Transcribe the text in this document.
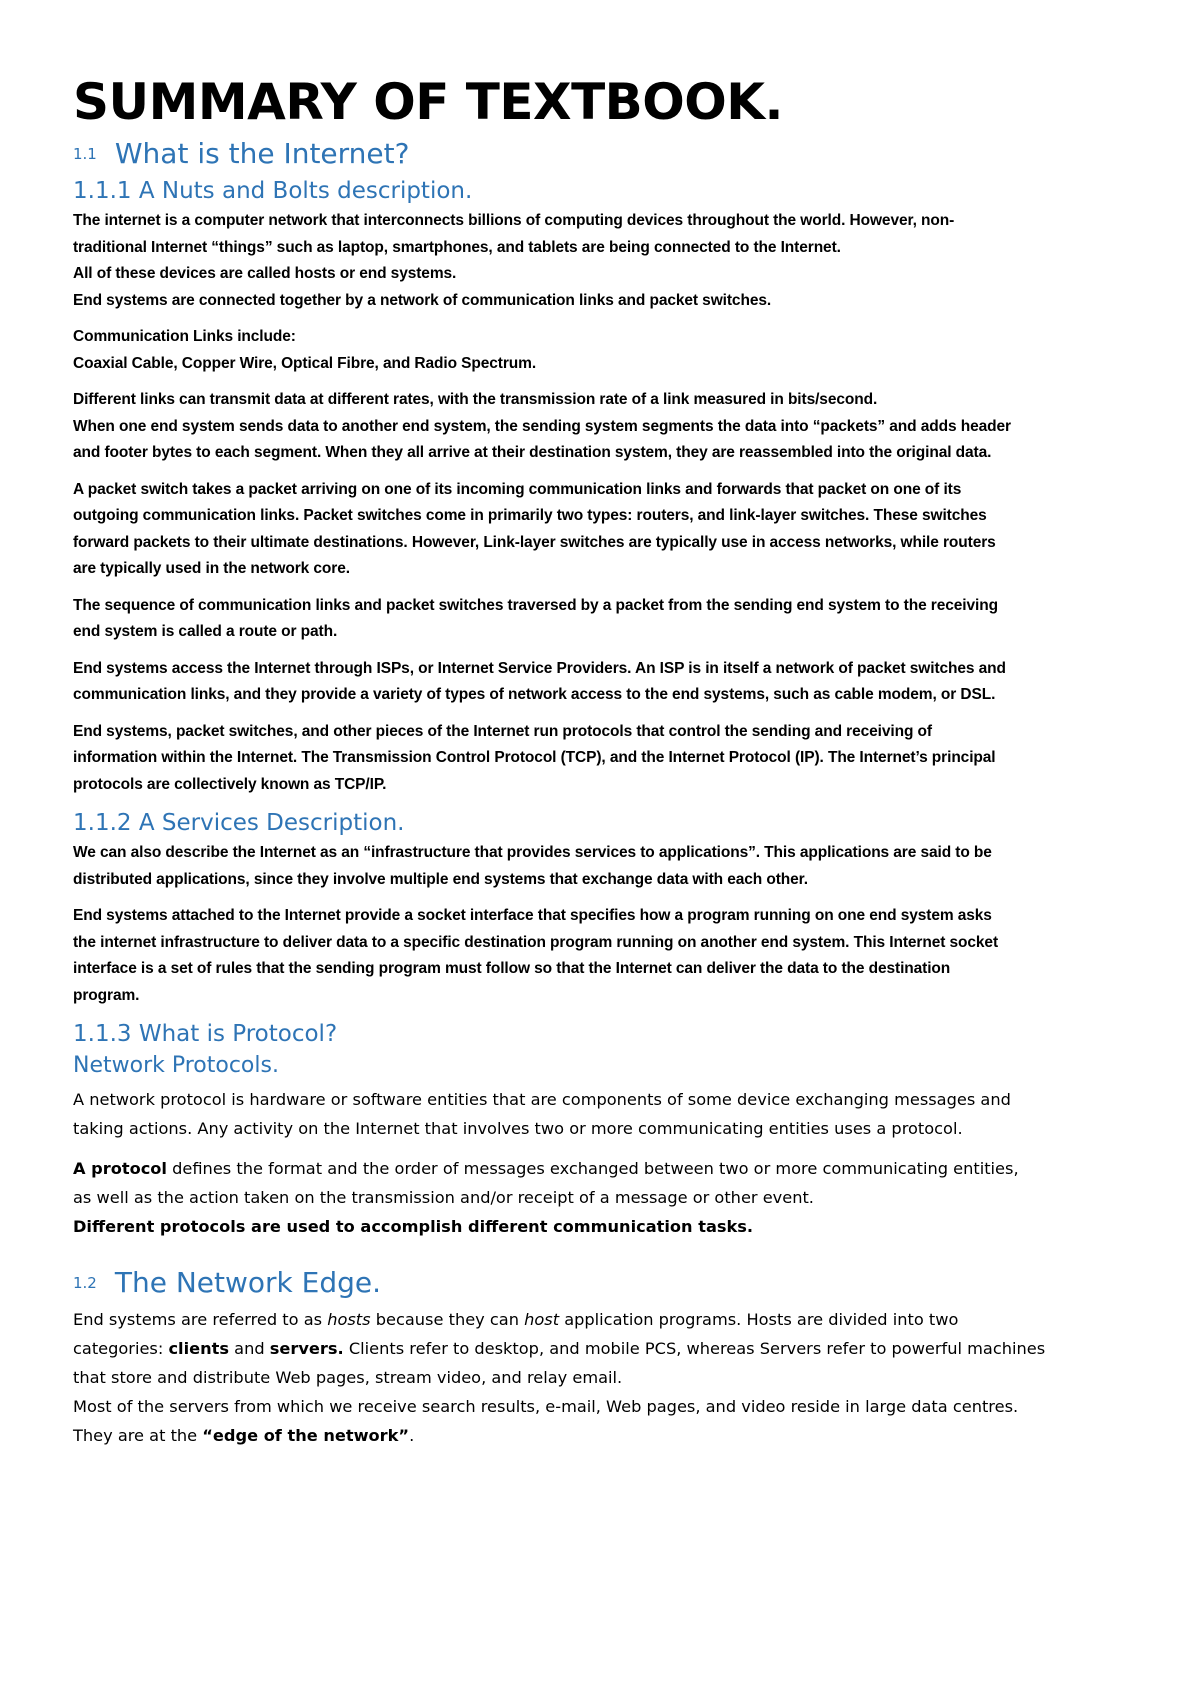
SUMMARY OF TEXTBOOK.
1.1 What is the Internet?
1.1.1 A Nuts and Bolts description.

The internet is a computer network that interconnects billions of computing devices throughout the world. However, non-
traditional Internet “things” such as laptop, smartphones, and tablets are being connected to the Internet.
All of these devices are called hosts or end systems.
End systems are connected together by a network of communication links and packet switches.

Communication Links include:
Coaxial Cable, Copper Wire, Optical Fibre, and Radio Spectrum.

Different links can transmit data at different rates, with the transmission rate of a link measured in bits/second.
When one end system sends data to another end system, the sending system segments the data into “packets” and adds header
and footer bytes to each segment. When they all arrive at their destination system, they are reassembled into the original data.

A packet switch takes a packet arriving on one of its incoming communication links and forwards that packet on one of its
outgoing communication links. Packet switches come in primarily two types: routers, and link-layer switches. These switches
forward packets to their ultimate destinations. However, Link-layer switches are typically use in access networks, while routers
are typically used in the network core.

The sequence of communication links and packet switches traversed by a packet from the sending end system to the receiving
end system is called a route or path.

End systems access the Internet through ISPs, or Internet Service Providers. An ISP is in itself a network of packet switches and
communication links, and they provide a variety of types of network access to the end systems, such as cable modem, or DSL.

End systems, packet switches, and other pieces of the Internet run protocols that control the sending and receiving of
information within the Internet. The Transmission Control Protocol (TCP), and the Internet Protocol (IP). The Internet’s principal
protocols are collectively known as TCP/IP.

1.1.2 A Services Description.

We can also describe the Internet as an “infrastructure that provides services to applications”. This applications are said to be
distributed applications, since they involve multiple end systems that exchange data with each other.

End systems attached to the Internet provide a socket interface that specifies how a program running on one end system asks
the internet infrastructure to deliver data to a specific destination program running on another end system. This Internet socket
interface is a set of rules that the sending program must follow so that the Internet can deliver the data to the destination
program.

1.1.3 What is Protocol?
Network Protocols.

A network protocol is hardware or software entities that are components of some device exchanging messages and
taking actions. Any activity on the Internet that involves two or more communicating entities uses a protocol.

A protocol defines the format and the order of messages exchanged between two or more communicating entities,
as well as the action taken on the transmission and/or receipt of a message or other event.
Different protocols are used to accomplish different communication tasks.

1.2 The Network Edge.

End systems are referred to as hosts because they can host application programs. Hosts are divided into two
categories: clients and servers. Clients refer to desktop, and mobile PCS, whereas Servers refer to powerful machines
that store and distribute Web pages, stream video, and relay email.
Most of the servers from which we receive search results, e-mail, Web pages, and video reside in large data centres.
They are at the “edge of the network”.
